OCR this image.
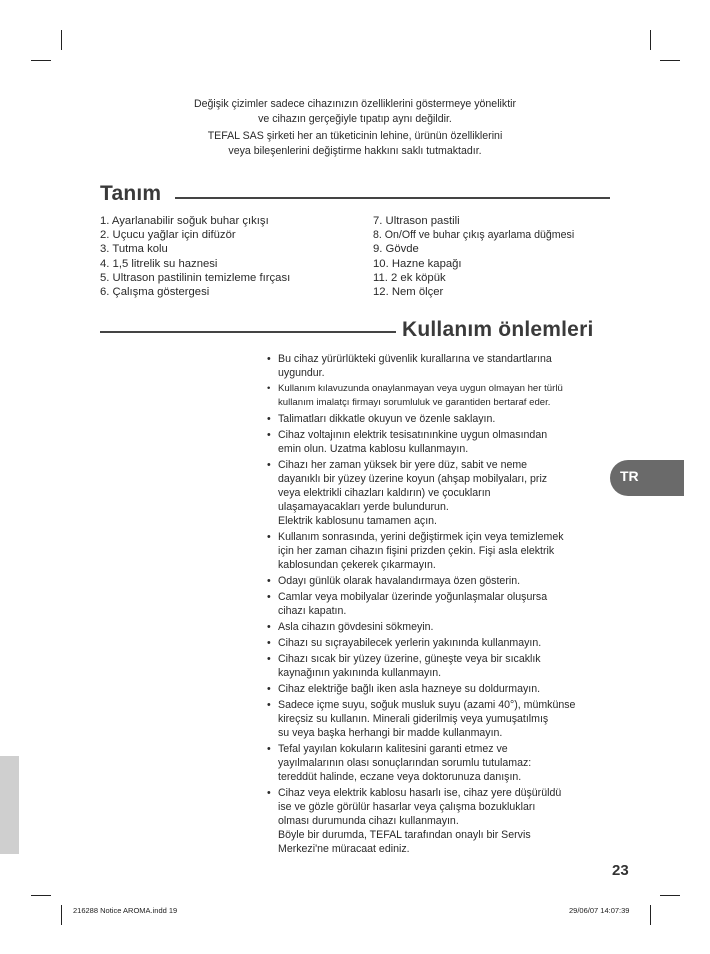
Değişik çizimler sadece cihazınızın özelliklerini göstermeye yöneliktir
ve cihazın gerçeğiyle tıpatıp aynı değildir.
TEFAL SAS şirketi her an tüketicinin lehine, ürünün özelliklerini
veya bileşenlerini değiştirme hakkını saklı tutmaktadır.
Tanım
1. Ayarlanabilir soğuk buhar çıkışı
2. Uçucu yağlar için difüzör
3. Tutma kolu
4. 1,5 litrelik su haznesi
5. Ultrason pastilinin temizleme fırçası
6. Çalışma göstergesi
7. Ultrason pastili
8. On/Off ve buhar çıkış ayarlama düğmesi
9. Gövde
10. Hazne kapağı
11. 2 ek köpük
12. Nem ölçer
Kullanım önlemleri
• Bu cihaz yürürlükteki güvenlik kurallarına ve standartlarına
uygundur.
• Kullanım kılavuzunda onaylanmayan veya uygun olmayan her türlü
kullanım imalatçı firmayı sorumluluk ve garantiden bertaraf eder.
• Talimatları dikkatle okuyun ve özenle saklayın.
• Cihaz voltajının elektrik tesisatınınkine uygun olmasından
emin olun. Uzatma kablosu kullanmayın.
• Cihazı her zaman yüksek bir yere düz, sabit ve neme
dayanıklı bir yüzey üzerine koyun (ahşap mobilyaları, priz
veya elektrikli cihazları kaldırın) ve çocukların
ulaşamayacakları yerde bulundurun.
Elektrik kablosunu tamamen açın.
• Kullanım sonrasında, yerini değiştirmek için veya temizlemek
için her zaman cihazın fişini prizden çekin. Fişi asla elektrik
kablosundan çekerek çıkarmayın.
• Odayı günlük olarak havalandırmaya özen gösterin.
• Camlar veya mobilyalar üzerinde yoğunlaşmalar oluşursa
cihazı kapatın.
• Asla cihazın gövdesini sökmeyin.
• Cihazı su sıçrayabilecek yerlerin yakınında kullanmayın.
• Cihazı sıcak bir yüzey üzerine, güneşte veya bir sıcaklık
kaynağının yakınında kullanmayın.
• Cihaz elektriğe bağlı iken asla hazneye su doldurmayın.
• Sadece içme suyu, soğuk musluk suyu (azami 40°), mümkünse
kireçsiz su kullanın. Minerali giderilmiş veya yumuşatılmış
su veya başka herhangi bir madde kullanmayın.
• Tefal yayılan kokuların kalitesini garanti etmez ve
yayılmalarının olası sonuçlarından sorumlu tutulamaz:
tereddüt halinde, eczane veya doktorunuza danışın.
• Cihaz veya elektrik kablosu hasarlı ise, cihaz yere düşürüldü
ise ve gözle görülür hasarlar veya çalışma bozuklukları
olması durumunda cihazı kullanmayın.
Böyle bir durumda, TEFAL tarafından onaylı bir Servis
Merkezi'ne müracaat ediniz.
TR
23
216288 Notice AROMA.indd 19	29/06/07 14:07:39
